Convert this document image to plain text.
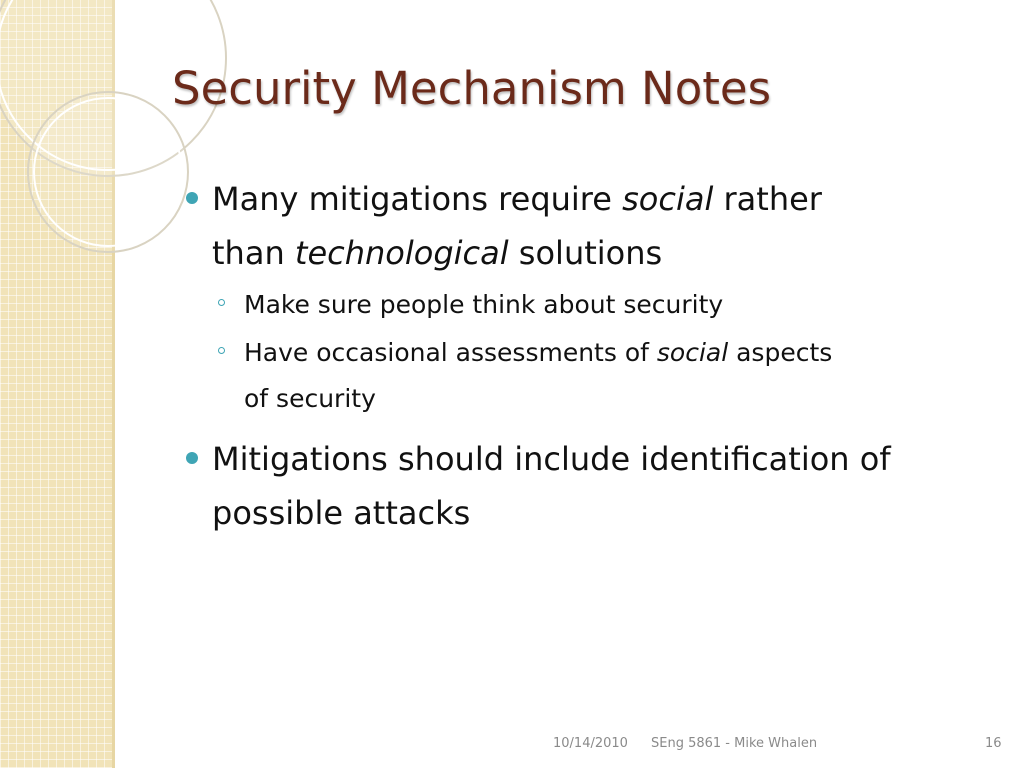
Security Mechanism Notes
Many mitigations require social rather
than technological solutions
Make sure people think about security
Have occasional assessments of social aspects
of security
Mitigations should include identification of
possible attacks
10/14/2010 SEng 5861 - Mike Whalen	16
